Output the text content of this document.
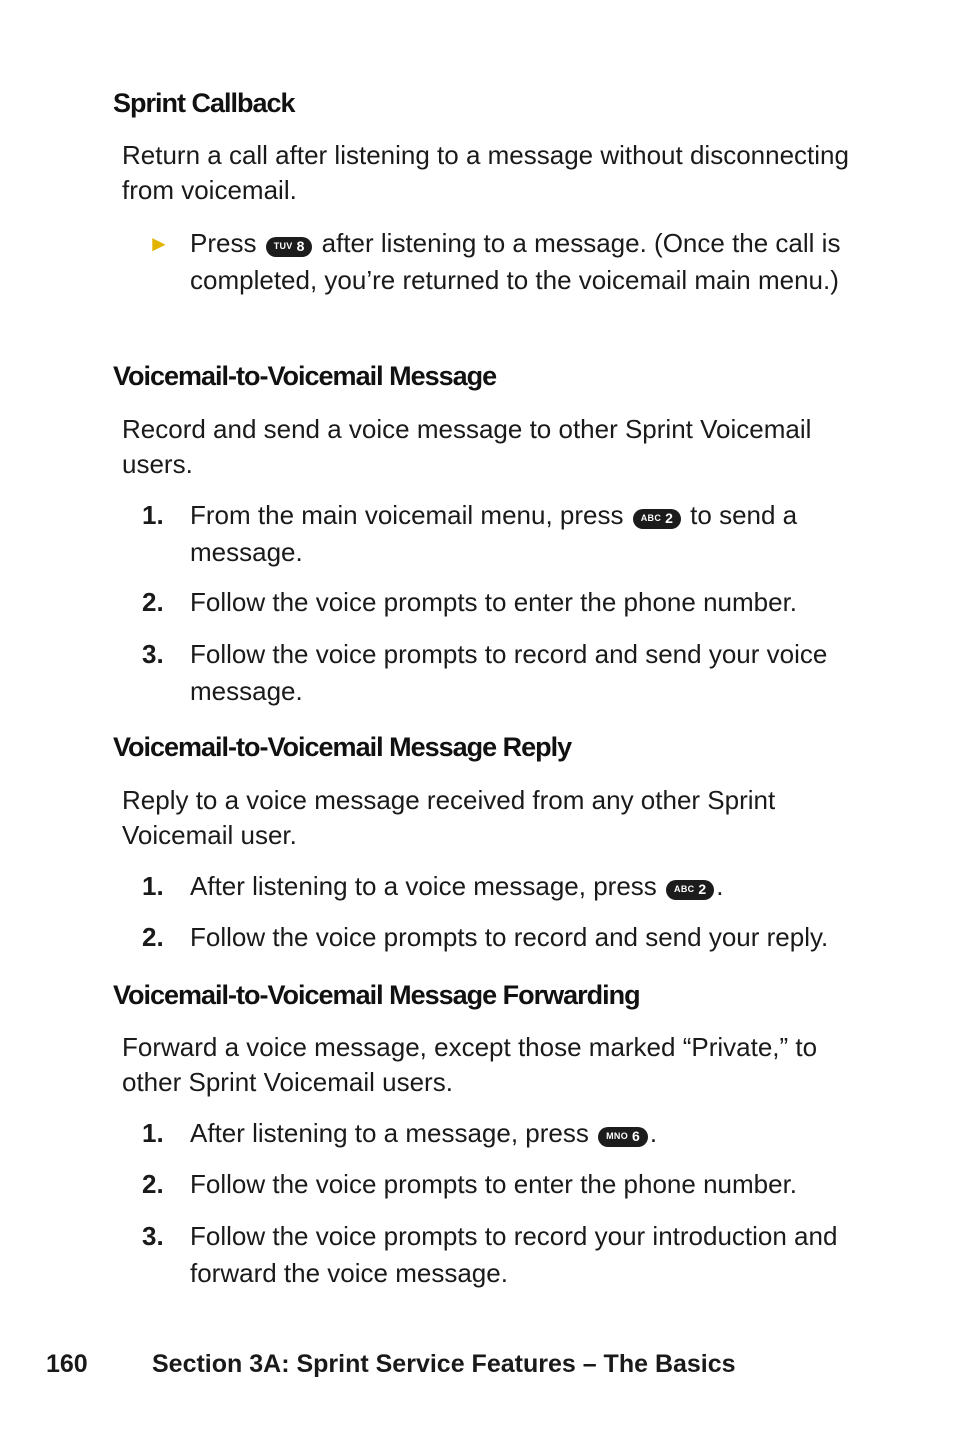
Sprint Callback
Return a call after listening to a message without disconnecting from voicemail.
► Press TUV 8 after listening to a message. (Once the call is completed, you’re returned to the voicemail main menu.)
Voicemail-to-Voicemail Message
Record and send a voice message to other Sprint Voicemail users.
1. From the main voicemail menu, press ABC 2 to send a message.
2. Follow the voice prompts to enter the phone number.
3. Follow the voice prompts to record and send your voice message.
Voicemail-to-Voicemail Message Reply
Reply to a voice message received from any other Sprint Voicemail user.
1. After listening to a voice message, press ABC 2 .
2. Follow the voice prompts to record and send your reply.
Voicemail-to-Voicemail Message Forwarding
Forward a voice message, except those marked “Private,” to other Sprint Voicemail users.
1. After listening to a message, press MNO 6 .
2. Follow the voice prompts to enter the phone number.
3. Follow the voice prompts to record your introduction and forward the voice message.
160	Section 3A: Sprint Service Features – The Basics
